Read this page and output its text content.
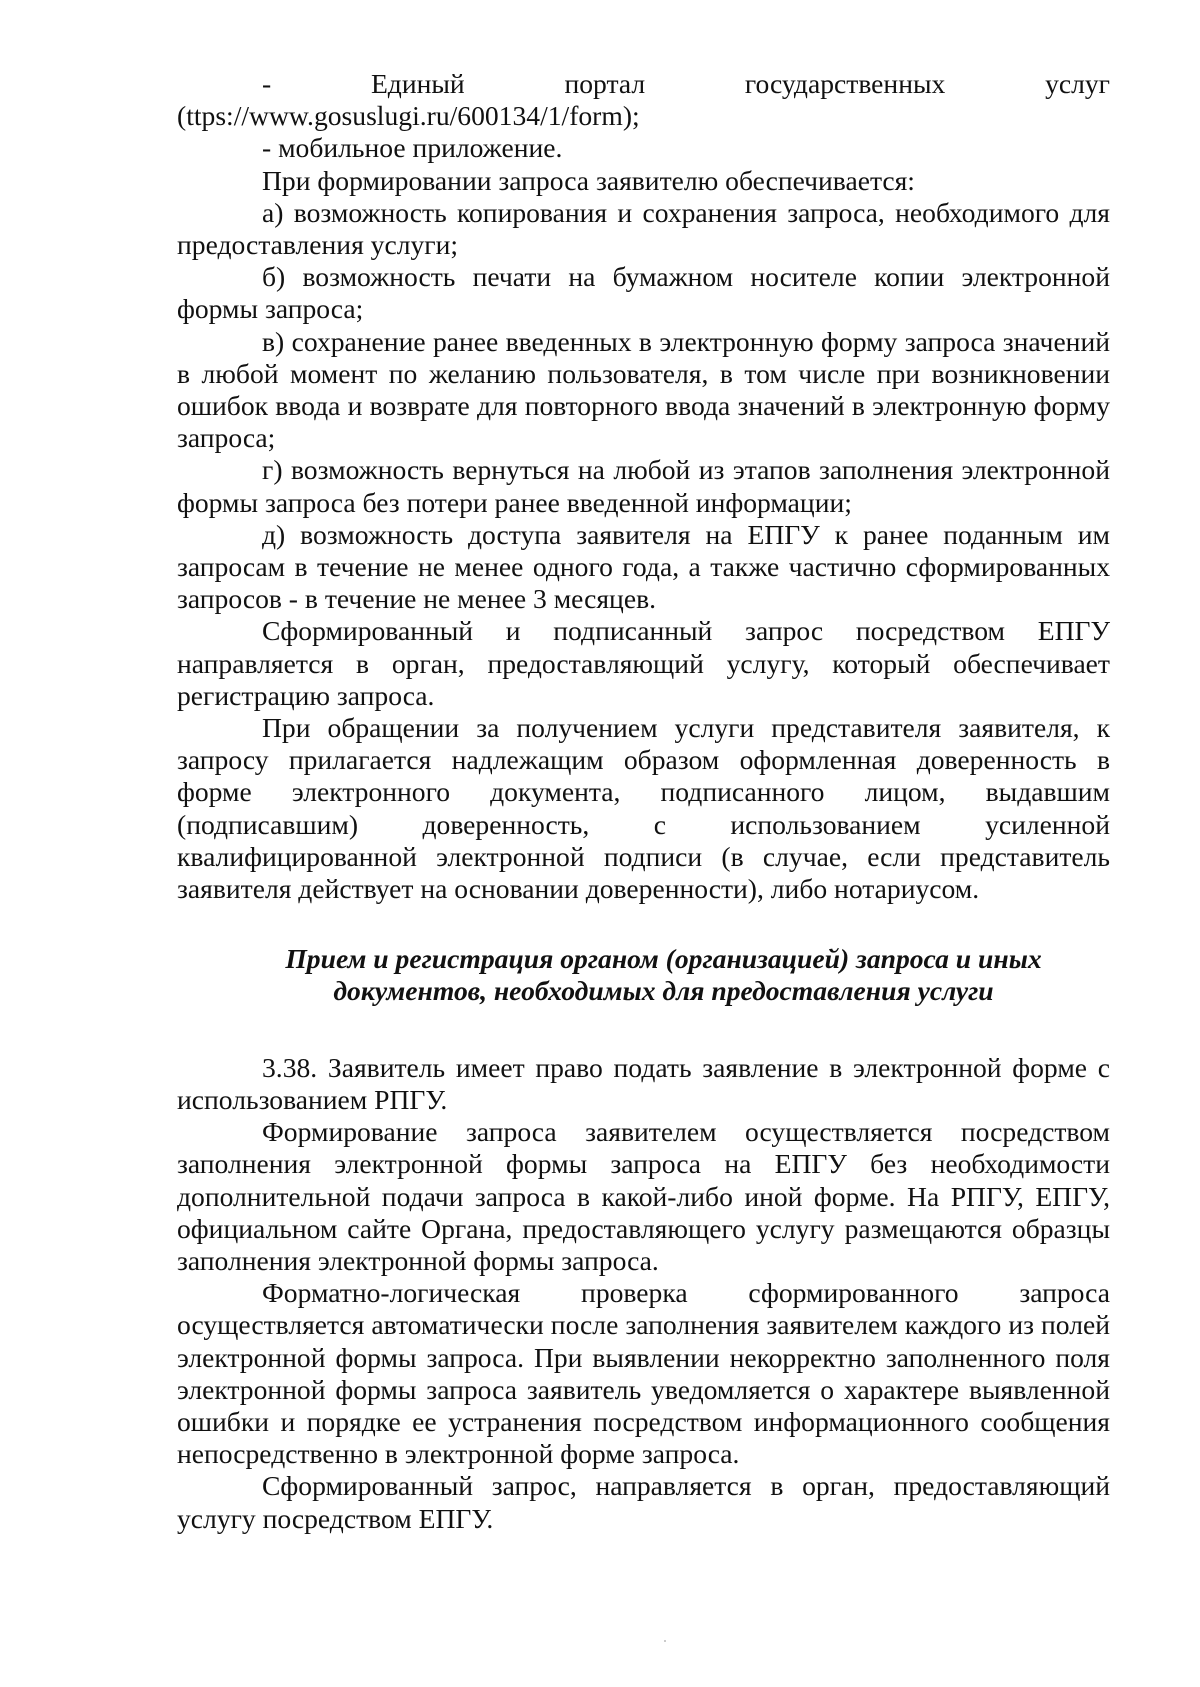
- Единый портал государственных услуг

(ttps://www.gosuslugi.ru/600134/1/form);

- мобильное приложение.

При формировании запроса заявителю обеспечивается:

а) возможность копирования и сохранения запроса, необходимого для предоставления услуги;

б) возможность печати на бумажном носителе копии электронной формы запроса;

в) сохранение ранее введенных в электронную форму запроса значений в любой момент по желанию пользователя, в том числе при возникновении ошибок ввода и возврате для повторного ввода значений в электронную форму запроса;

г) возможность вернуться на любой из этапов заполнения электронной формы запроса без потери ранее введенной информации;

д) возможность доступа заявителя на ЕПГУ к ранее поданным им запросам в течение не менее одного года, а также частично сформированных запросов - в течение не менее 3 месяцев.

Сформированный и подписанный запрос посредством ЕПГУ направляется в орган, предоставляющий услугу, который обеспечивает регистрацию запроса.

При обращении за получением услуги представителя заявителя, к запросу прилагается надлежащим образом оформленная доверенность в форме электронного документа, подписанного лицом, выдавшим (подписавшим) доверенность, с использованием усиленной квалифицированной электронной подписи (в случае, если представитель заявителя действует на основании доверенности), либо нотариусом.

Прием и регистрация органом (организацией) запроса и иных

документов, необходимых для предоставления услуги

3.38. Заявитель имеет право подать заявление в электронной форме с использованием РПГУ.

Формирование запроса заявителем осуществляется посредством заполнения электронной формы запроса на ЕПГУ без необходимости дополнительной подачи запроса в какой-либо иной форме. На РПГУ, ЕПГУ, официальном сайте Органа, предоставляющего услугу размещаются образцы заполнения электронной формы запроса.

Форматно-логическая проверка сформированного запроса осуществляется автоматически после заполнения заявителем каждого из полей электронной формы запроса. При выявлении некорректно заполненного поля электронной формы запроса заявитель уведомляется о характере выявленной ошибки и порядке ее устранения посредством информационного сообщения непосредственно в электронной форме запроса.

Сформированный запрос, направляется в орган, предоставляющий услугу посредством ЕПГУ.
